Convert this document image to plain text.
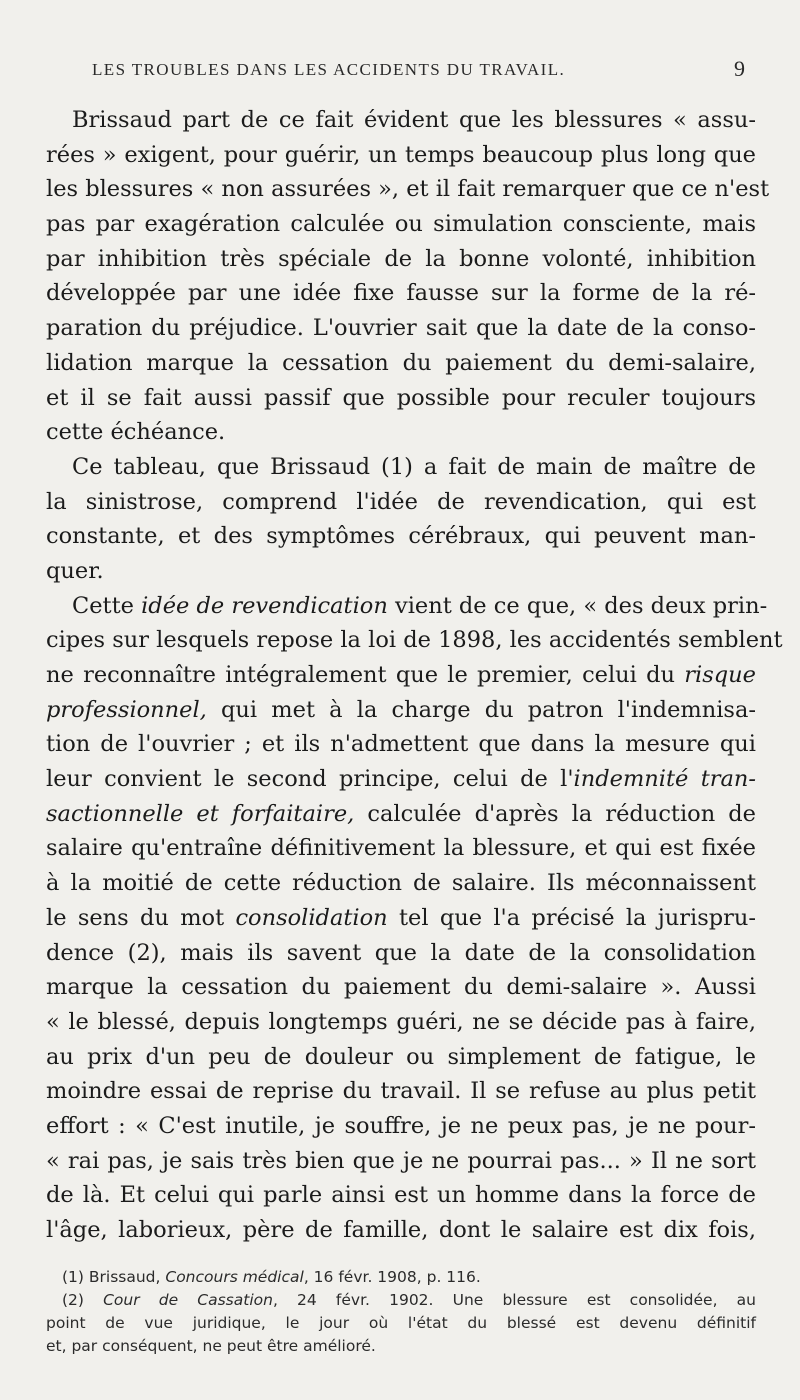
LES TROUBLES DANS LES ACCIDENTS DU TRAVAIL.	9
Brissaud part de ce fait évident que les blessures « assu-
rées » exigent, pour guérir, un temps beaucoup plus long que
les blessures « non assurées », et il fait remarquer que ce n'est
pas par exagération calculée ou simulation consciente, mais
par inhibition très spéciale de la bonne volonté, inhibition
développée par une idée fixe fausse sur la forme de la ré-
paration du préjudice. L'ouvrier sait que la date de la conso-
lidation marque la cessation du paiement du demi-salaire,
et il se fait aussi passif que possible pour reculer toujours
cette échéance.
Ce tableau, que Brissaud (1) a fait de main de maître de
la sinistrose, comprend l'idée de revendication, qui est
constante, et des symptômes cérébraux, qui peuvent man-
quer.
Cette idée de revendication vient de ce que, « des deux prin-
cipes sur lesquels repose la loi de 1898, les accidentés semblent
ne reconnaître intégralement que le premier, celui du risque
professionnel, qui met à la charge du patron l'indemnisa-
tion de l'ouvrier ; et ils n'admettent que dans la mesure qui
leur convient le second principe, celui de l'indemnité tran-
sactionnelle et forfaitaire, calculée d'après la réduction de
salaire qu'entraîne définitivement la blessure, et qui est fixée
à la moitié de cette réduction de salaire. Ils méconnaissent
le sens du mot consolidation tel que l'a précisé la jurispru-
dence (2), mais ils savent que la date de la consolidation
marque la cessation du paiement du demi-salaire ». Aussi
« le blessé, depuis longtemps guéri, ne se décide pas à faire,
au prix d'un peu de douleur ou simplement de fatigue, le
moindre essai de reprise du travail. Il se refuse au plus petit
effort : « C'est inutile, je souffre, je ne peux pas, je ne pour-
« rai pas, je sais très bien que je ne pourrai pas... » Il ne sort
de là. Et celui qui parle ainsi est un homme dans la force de
l'âge, laborieux, père de famille, dont le salaire est dix fois,
(1) Brissaud, Concours médical, 16 févr. 1908, p. 116.
(2) Cour de Cassation, 24 févr. 1902. Une blessure est consolidée, au
point de vue juridique, le jour où l'état du blessé est devenu définitif
et, par conséquent, ne peut être amélioré.
